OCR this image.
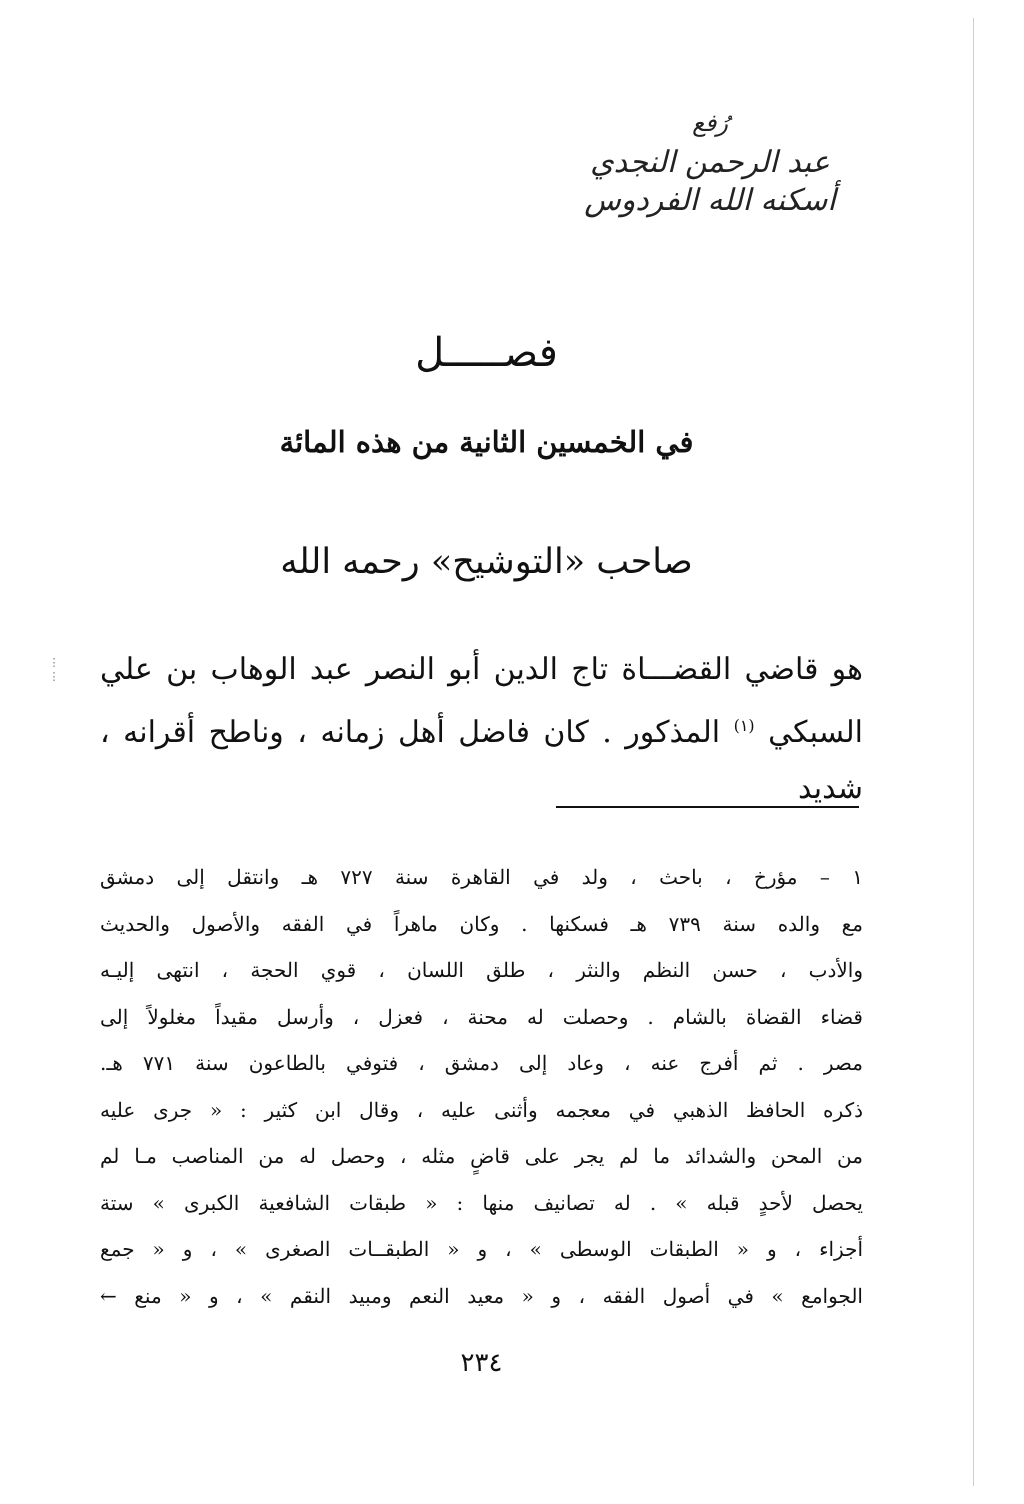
رُفع
عبد الرحمن النجدي
أسكنه الله الفردوس
فصـــــل
في الخمسين الثانية من هذه المائة
صاحب «التوشيح» رحمه الله
⋮
⋮ هو قاضي القضـــاة تاج الدين أبو النصر عبد الوهاب بن علي
السبكي $^{(١)}$ المذكور . كان فاضل أهل زمانه ، وناطح أقرانه ، شديد
١ – مؤرخ ، باحث ، ولد في القاهرة سنة ٧٢٧ هـ وانتقل إلى دمشق
مع والده سنة ٧٣٩ هـ فسكنها . وكان ماهراً في الفقه والأصول والحديث
والأدب ، حسن النظم والنثر ، طلق اللسان ، قوي الحجة ، انتهى إليـه
قضاء القضاة بالشام . وحصلت له محنة ، فعزل ، وأرسل مقيداً مغلولاً إلى
مصر . ثم أفرج عنه ، وعاد إلى دمشق ، فتوفي بالطاعون سنة ٧٧١ هـ.
ذكره الحافظ الذهبي في معجمه وأثنى عليه ، وقال ابن كثير : « جرى عليه
من المحن والشدائد ما لم يجر على قاضٍ مثله ، وحصل له من المناصب مـا لم
يحصل لأحدٍ قبله » . له تصانيف منها : « طبقات الشافعية الكبرى » ستة
أجزاء ، و « الطبقات الوسطى » ، و « الطبقــات الصغرى » ، و « جمع
الجوامع » في أصول الفقه ، و « معيد النعم ومبيد النقم » ، و « منع ←
٢٣٤
